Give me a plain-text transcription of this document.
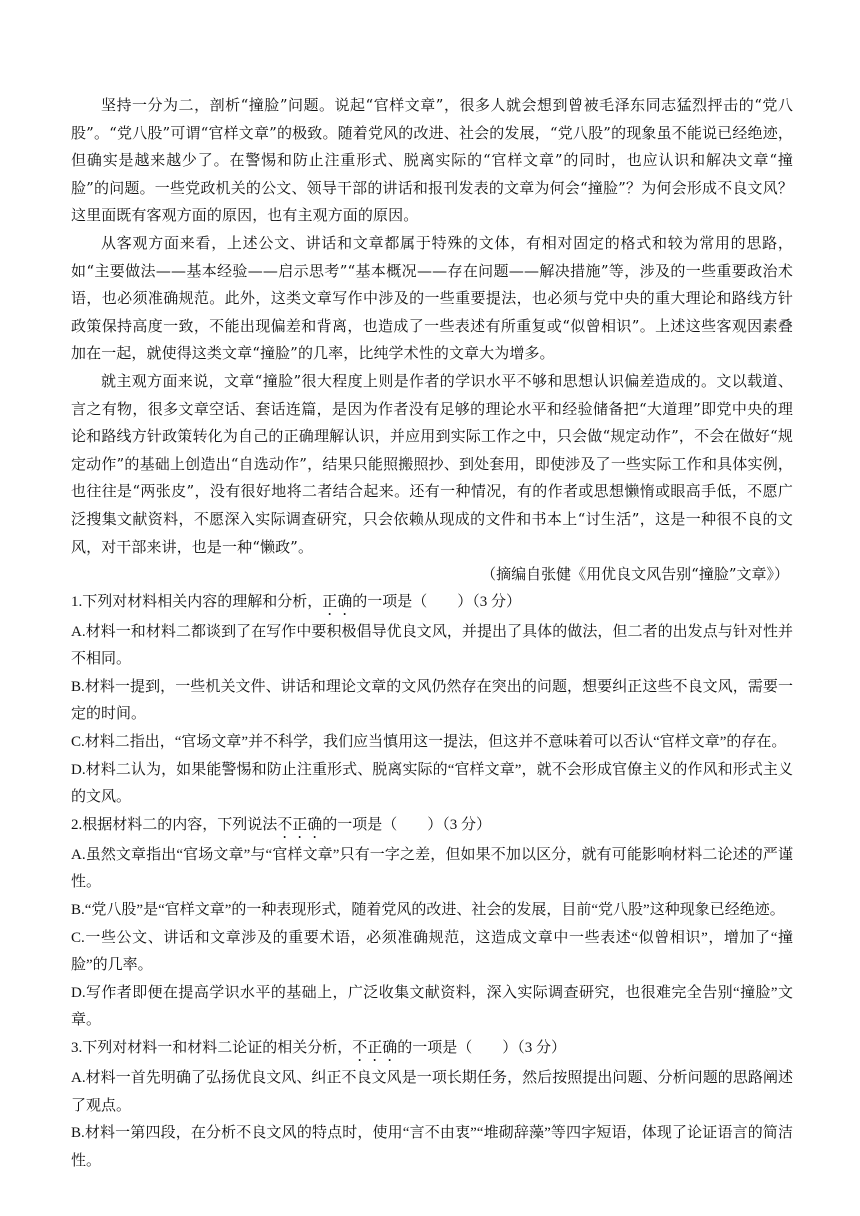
坚持一分为二，剖析“撞脸”问题。说起“官样文章”，很多人就会想到曾被毛泽东同志猛烈抨击的“党八股”。“党八股”可谓“官样文章”的极致。随着党风的改进、社会的发展，“党八股”的现象虽不能说已经绝迹，但确实是越来越少了。在警惕和防止注重形式、脱离实际的“官样文章”的同时，也应认识和解决文章“撞脸”的问题。一些党政机关的公文、领导干部的讲话和报刊发表的文章为何会“撞脸”？为何会形成不良文风？这里面既有客观方面的原因，也有主观方面的原因。

从客观方面来看，上述公文、讲话和文章都属于特殊的文体，有相对固定的格式和较为常用的思路，如“主要做法——基本经验——启示思考”“基本概况——存在问题——解决措施”等，涉及的一些重要政治术语，也必须准确规范。此外，这类文章写作中涉及的一些重要提法，也必须与党中央的重大理论和路线方针政策保持高度一致，不能出现偏差和背离，也造成了一些表述有所重复或“似曾相识”。上述这些客观因素叠加在一起，就使得这类文章“撞脸”的几率，比纯学术性的文章大为增多。

就主观方面来说，文章“撞脸”很大程度上则是作者的学识水平不够和思想认识偏差造成的。文以载道、言之有物，很多文章空话、套话连篇，是因为作者没有足够的理论水平和经验储备把“大道理”即党中央的理论和路线方针政策转化为自己的正确理解认识，并应用到实际工作之中，只会做“规定动作”，不会在做好“规定动作”的基础上创造出“自选动作”，结果只能照搬照抄、到处套用，即使涉及了一些实际工作和具体实例，也往往是“两张皮”，没有很好地将二者结合起来。还有一种情况，有的作者或思想懒惰或眼高手低，不愿广泛搜集文献资料，不愿深入实际调查研究，只会依赖从现成的文件和书本上“讨生活”，这是一种很不良的文风，对干部来讲，也是一种“懒政”。

（摘编自张健《用优良文风告别“撞脸”文章》）

1.下列对材料相关内容的理解和分析，正确的一项是（　　）（3 分）

A.材料一和材料二都谈到了在写作中要积极倡导优良文风，并提出了具体的做法，但二者的出发点与针对性并不相同。

B.材料一提到，一些机关文件、讲话和理论文章的文风仍然存在突出的问题，想要纠正这些不良文风，需要一定的时间。

C.材料二指出，“官场文章”并不科学，我们应当慎用这一提法，但这并不意味着可以否认“官样文章”的存在。

D.材料二认为，如果能警惕和防止注重形式、脱离实际的“官样文章”，就不会形成官僚主义的作风和形式主义的文风。

2.根据材料二的内容，下列说法不正确的一项是（　　）（3 分）

A.虽然文章指出“官场文章”与“官样文章”只有一字之差，但如果不加以区分，就有可能影响材料二论述的严谨性。

B.“党八股”是“官样文章”的一种表现形式，随着党风的改进、社会的发展，目前“党八股”这种现象已经绝迹。

C.一些公文、讲话和文章涉及的重要术语，必须准确规范，这造成文章中一些表述“似曾相识”，增加了“撞脸”的几率。

D.写作者即便在提高学识水平的基础上，广泛收集文献资料，深入实际调查研究，也很难完全告别“撞脸”文章。

3.下列对材料一和材料二论证的相关分析，不正确的一项是（　　）（3 分）

A.材料一首先明确了弘扬优良文风、纠正不良文风是一项长期任务，然后按照提出问题、分析问题的思路阐述了观点。

B.材料一第四段，在分析不良文风的特点时，使用“言不由衷”“堆砌辞藻”等四字短语，体现了论证语言的简洁性。
